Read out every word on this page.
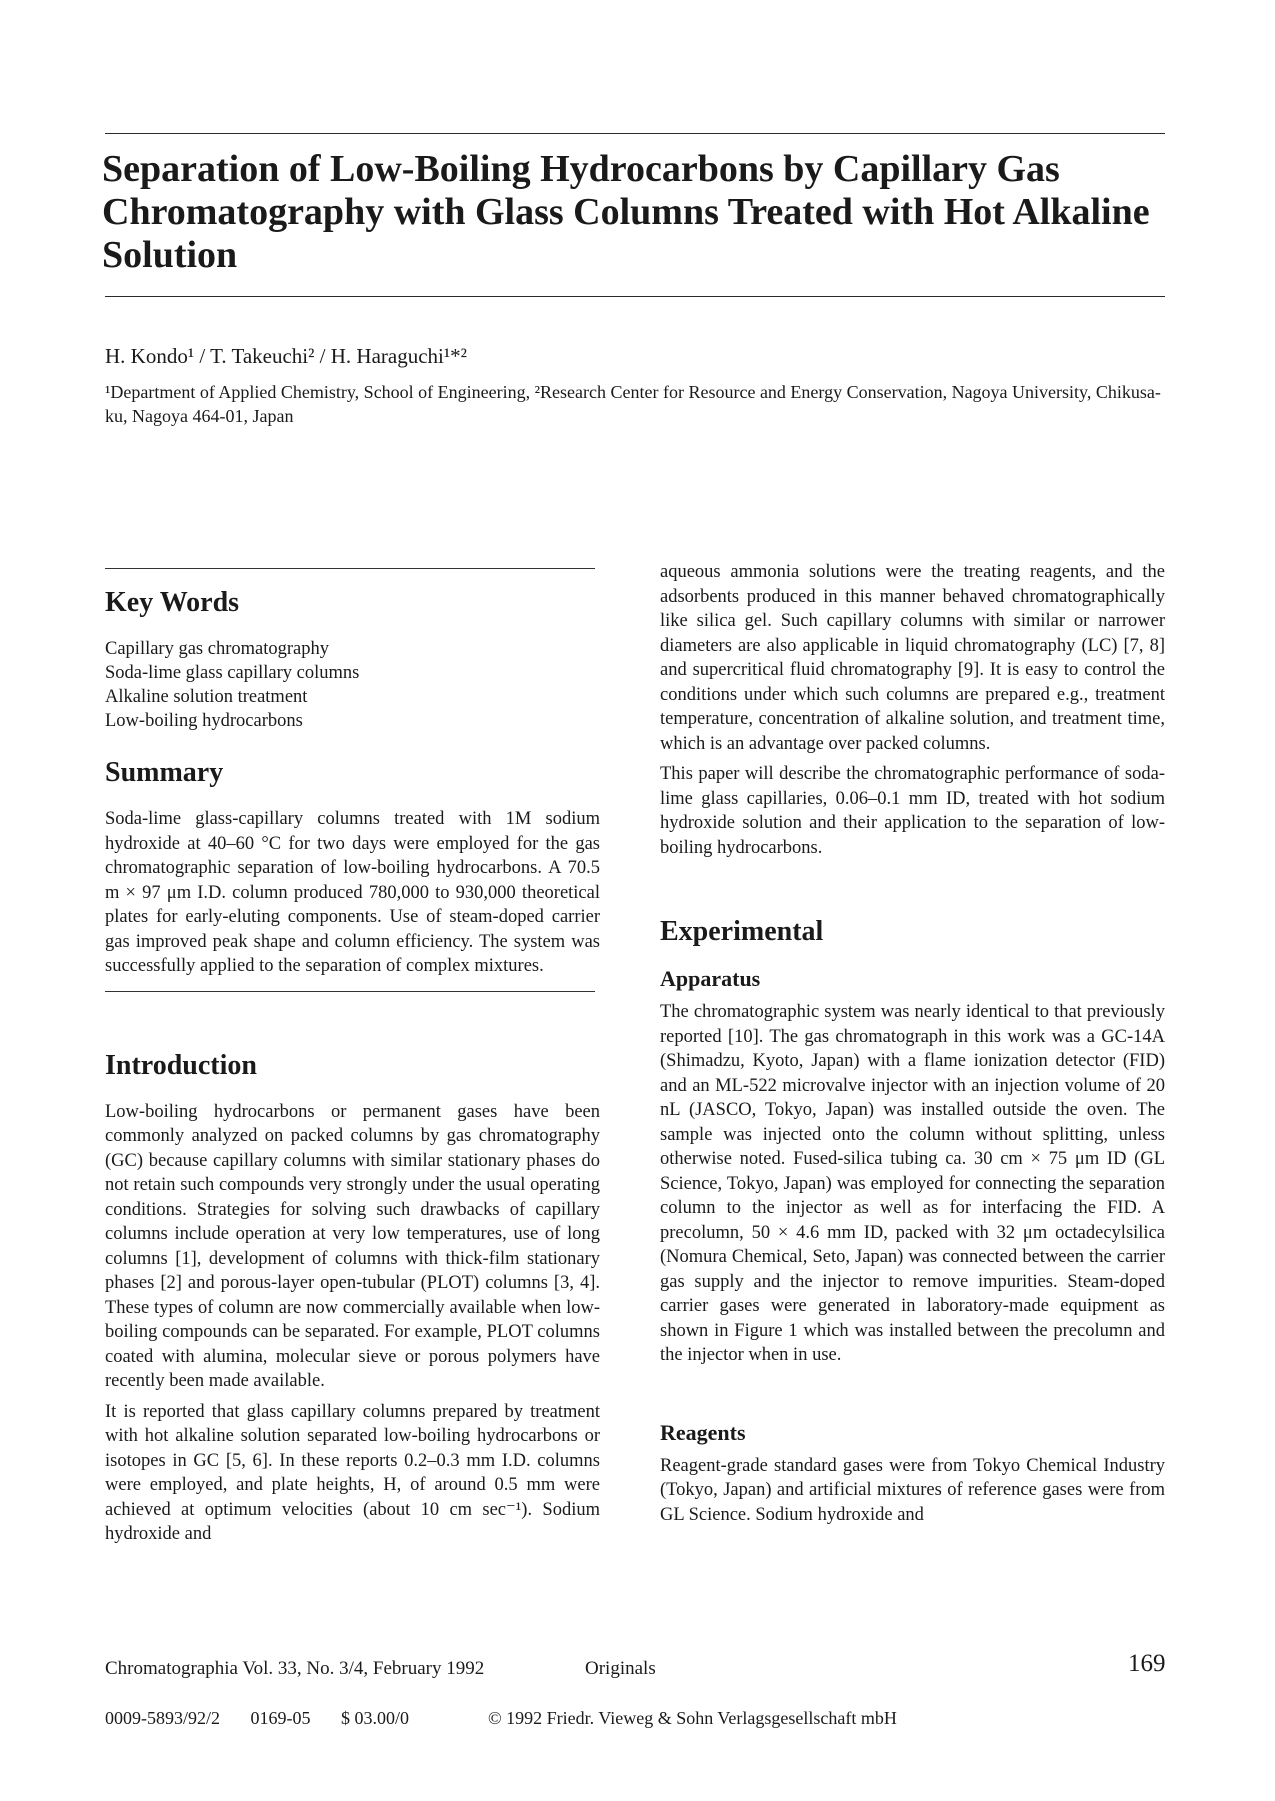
Separation of Low-Boiling Hydrocarbons by Capillary Gas Chromatography with Glass Columns Treated with Hot Alkaline Solution

H. Kondo¹ / T. Takeuchi² / H. Haraguchi¹*²

¹Department of Applied Chemistry, School of Engineering, ²Research Center for Resource and Energy Conservation, Nagoya University, Chikusa-ku, Nagoya 464-01, Japan

Key Words
Capillary gas chromatography
Soda-lime glass capillary columns
Alkaline solution treatment
Low-boiling hydrocarbons
Summary

Soda-lime glass-capillary columns treated with 1M sodium hydroxide at 40–60 °C for two days were employed for the gas chromatographic separation of low-boiling hydrocarbons. A 70.5 m × 97 μm I.D. column produced 780,000 to 930,000 theoretical plates for early-eluting components. Use of steam-doped carrier gas improved peak shape and column efficiency. The system was successfully applied to the separation of complex mixtures.

Introduction

Low-boiling hydrocarbons or permanent gases have been commonly analyzed on packed columns by gas chromatography (GC) because capillary columns with similar stationary phases do not retain such compounds very strongly under the usual operating conditions. Strategies for solving such drawbacks of capillary columns include operation at very low temperatures, use of long columns [1], development of columns with thick-film stationary phases [2] and porous-layer open-tubular (PLOT) columns [3, 4]. These types of column are now commercially available when low-boiling compounds can be separated. For example, PLOT columns coated with alumina, molecular sieve or porous polymers have recently been made available.

It is reported that glass capillary columns prepared by treatment with hot alkaline solution separated low-boiling hydrocarbons or isotopes in GC [5, 6]. In these reports 0.2–0.3 mm I.D. columns were employed, and plate heights, H, of around 0.5 mm were achieved at optimum velocities (about 10 cm sec⁻¹). Sodium hydroxide and

aqueous ammonia solutions were the treating reagents, and the adsorbents produced in this manner behaved chromatographically like silica gel. Such capillary columns with similar or narrower diameters are also applicable in liquid chromatography (LC) [7, 8] and supercritical fluid chromatography [9]. It is easy to control the conditions under which such columns are prepared e.g., treatment temperature, concentration of alkaline solution, and treatment time, which is an advantage over packed columns.

This paper will describe the chromatographic performance of soda-lime glass capillaries, 0.06–0.1 mm ID, treated with hot sodium hydroxide solution and their application to the separation of low-boiling hydrocarbons.

Experimental
Apparatus

The chromatographic system was nearly identical to that previously reported [10]. The gas chromatograph in this work was a GC-14A (Shimadzu, Kyoto, Japan) with a flame ionization detector (FID) and an ML-522 microvalve injector with an injection volume of 20 nL (JASCO, Tokyo, Japan) was installed outside the oven. The sample was injected onto the column without splitting, unless otherwise noted. Fused-silica tubing ca. 30 cm × 75 μm ID (GL Science, Tokyo, Japan) was employed for connecting the separation column to the injector as well as for interfacing the FID. A precolumn, 50 × 4.6 mm ID, packed with 32 μm octadecylsilica (Nomura Chemical, Seto, Japan) was connected between the carrier gas supply and the injector to remove impurities. Steam-doped carrier gases were generated in laboratory-made equipment as shown in Figure 1 which was installed between the precolumn and the injector when in use.

Reagents

Reagent-grade standard gases were from Tokyo Chemical Industry (Tokyo, Japan) and artificial mixtures of reference gases were from GL Science. Sodium hydroxide and

Chromatographia Vol. 33, No. 3/4, February 1992	Originals	169
0009-5893/92/2 0169-05 $ 03.00/0	© 1992 Friedr. Vieweg & Sohn Verlagsgesellschaft mbH
